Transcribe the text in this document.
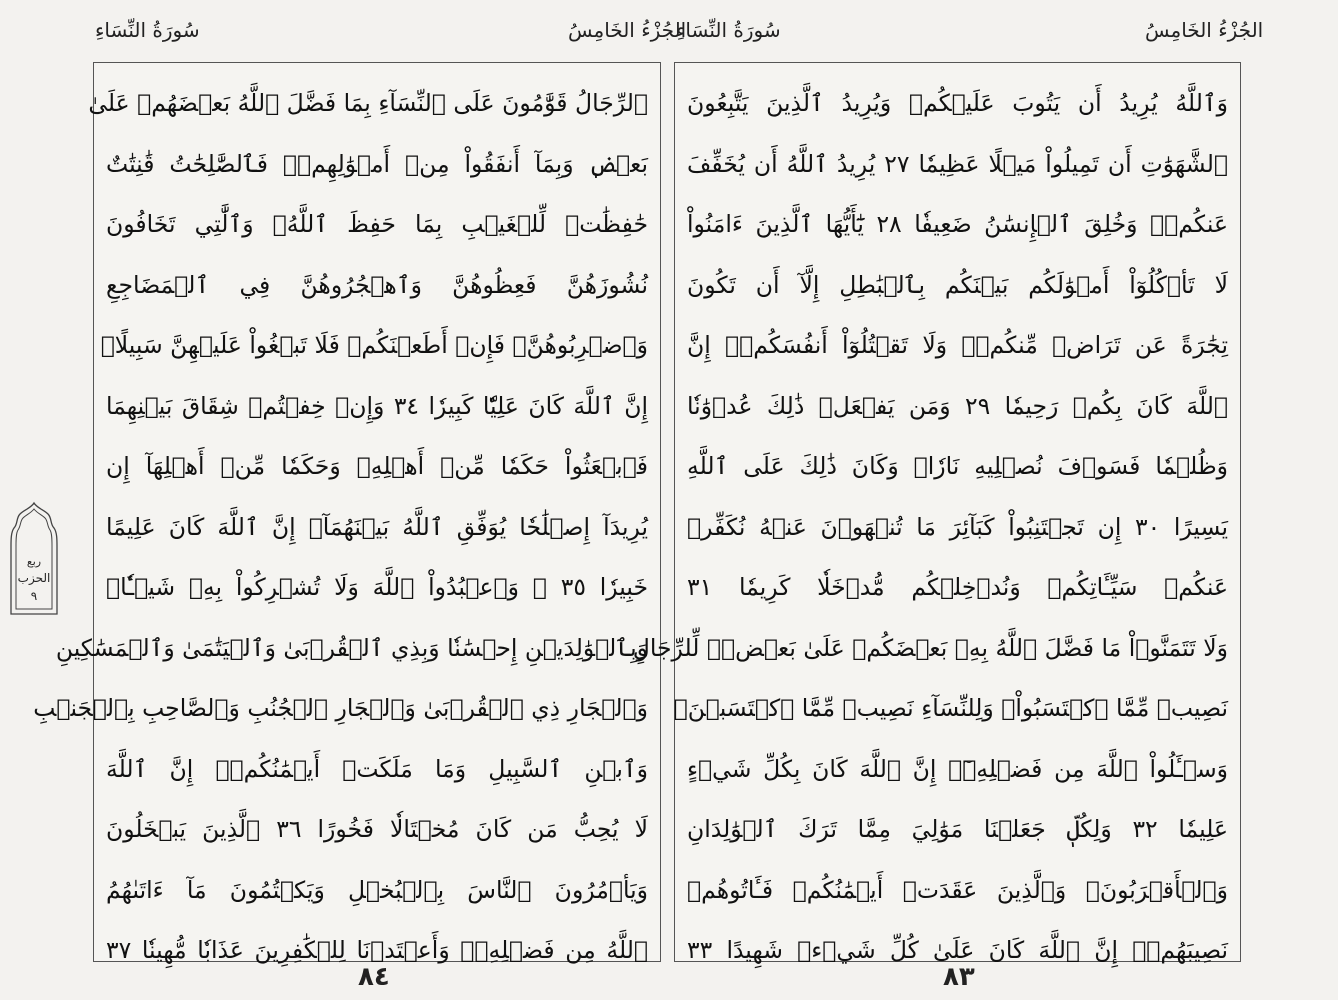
سُورَةُ النِّسَاءِ	الجُزْءُ الخَامِسُ
سُورَةُ النِّسَاءِ	الجُزْءُ الخَامِسُ
ٱلرِّجَالُ قَوَّٰمُونَ عَلَى ٱلنِّسَآءِ بِمَا فَضَّلَ ٱللَّهُ بَعۡضَهُمۡ عَلَىٰ
بَعۡضٖ وَبِمَآ أَنفَقُواْ مِنۡ أَمۡوَٰلِهِمۡۚ فَٱلصَّٰلِحَٰتُ قَٰنِتَٰتٌ
حَٰفِظَٰتٞ لِّلۡغَيۡبِ بِمَا حَفِظَ ٱللَّهُۚ وَٱلَّٰتِي تَخَافُونَ
نُشُوزَهُنَّ فَعِظُوهُنَّ وَٱهۡجُرُوهُنَّ فِي ٱلۡمَضَاجِعِ
وَٱضۡرِبُوهُنَّۖ فَإِنۡ أَطَعۡنَكُمۡ فَلَا تَبۡغُواْ عَلَيۡهِنَّ سَبِيلًاۗ
إِنَّ ٱللَّهَ كَانَ عَلِيّٗا كَبِيرٗا ٣٤ وَإِنۡ خِفۡتُمۡ شِقَاقَ بَيۡنِهِمَا
فَٱبۡعَثُواْ حَكَمٗا مِّنۡ أَهۡلِهِۦ وَحَكَمٗا مِّنۡ أَهۡلِهَآ إِن
يُرِيدَآ إِصۡلَٰحٗا يُوَفِّقِ ٱللَّهُ بَيۡنَهُمَآۗ إِنَّ ٱللَّهَ كَانَ عَلِيمًا
خَبِيرٗا ٣٥ ۞ وَٱعۡبُدُواْ ٱللَّهَ وَلَا تُشۡرِكُواْ بِهِۦ شَيۡـٔٗاۖ
وَبِٱلۡوَٰلِدَيۡنِ إِحۡسَٰنٗا وَبِذِي ٱلۡقُرۡبَىٰ وَٱلۡيَتَٰمَىٰ وَٱلۡمَسَٰكِينِ
وَٱلۡجَارِ ذِي ٱلۡقُرۡبَىٰ وَٱلۡجَارِ ٱلۡجُنُبِ وَٱلصَّاحِبِ بِٱلۡجَنۢبِ
وَٱبۡنِ ٱلسَّبِيلِ وَمَا مَلَكَتۡ أَيۡمَٰنُكُمۡۗ إِنَّ ٱللَّهَ
لَا يُحِبُّ مَن كَانَ مُخۡتَالٗا فَخُورًا ٣٦ ٱلَّذِينَ يَبۡخَلُونَ
وَيَأۡمُرُونَ ٱلنَّاسَ بِٱلۡبُخۡلِ وَيَكۡتُمُونَ مَآ ءَاتَىٰهُمُ
ٱللَّهُ مِن فَضۡلِهِۦۗ وَأَعۡتَدۡنَا لِلۡكَٰفِرِينَ عَذَابٗا مُّهِينٗا ٣٧
وَٱللَّهُ يُرِيدُ أَن يَتُوبَ عَلَيۡكُمۡ وَيُرِيدُ ٱلَّذِينَ يَتَّبِعُونَ
ٱلشَّهَوَٰتِ أَن تَمِيلُواْ مَيۡلًا عَظِيمٗا ٢٧ يُرِيدُ ٱللَّهُ أَن يُخَفِّفَ
عَنكُمۡۚ وَخُلِقَ ٱلۡإِنسَٰنُ ضَعِيفٗا ٢٨ يَٰٓأَيُّهَا ٱلَّذِينَ ءَامَنُواْ
لَا تَأۡكُلُوٓاْ أَمۡوَٰلَكُم بَيۡنَكُم بِٱلۡبَٰطِلِ إِلَّآ أَن تَكُونَ
تِجَٰرَةً عَن تَرَاضٖ مِّنكُمۡۚ وَلَا تَقۡتُلُوٓاْ أَنفُسَكُمۡۚ إِنَّ
ٱللَّهَ كَانَ بِكُمۡ رَحِيمٗا ٢٩ وَمَن يَفۡعَلۡ ذَٰلِكَ عُدۡوَٰنٗا
وَظُلۡمٗا فَسَوۡفَ نُصۡلِيهِ نَارٗاۚ وَكَانَ ذَٰلِكَ عَلَى ٱللَّهِ
يَسِيرًا ٣٠ إِن تَجۡتَنِبُواْ كَبَآئِرَ مَا تُنۡهَوۡنَ عَنۡهُ نُكَفِّرۡ
عَنكُمۡ سَيِّـَٔاتِكُمۡ وَنُدۡخِلۡكُم مُّدۡخَلٗا كَرِيمٗا ٣١
وَلَا تَتَمَنَّوۡاْ مَا فَضَّلَ ٱللَّهُ بِهِۦ بَعۡضَكُمۡ عَلَىٰ بَعۡضٖۚ لِّلرِّجَالِ
نَصِيبٞ مِّمَّا ٱكۡتَسَبُواْۖ وَلِلنِّسَآءِ نَصِيبٞ مِّمَّا ٱكۡتَسَبۡنَۚ
وَسۡـَٔلُواْ ٱللَّهَ مِن فَضۡلِهِۦٓۚ إِنَّ ٱللَّهَ كَانَ بِكُلِّ شَيۡءٍ
عَلِيمٗا ٣٢ وَلِكُلّٖ جَعَلۡنَا مَوَٰلِيَ مِمَّا تَرَكَ ٱلۡوَٰلِدَانِ
وَٱلۡأَقۡرَبُونَۚ وَٱلَّذِينَ عَقَدَتۡ أَيۡمَٰنُكُمۡ فَـَٔاتُوهُمۡ
نَصِيبَهُمۡۚ إِنَّ ٱللَّهَ كَانَ عَلَىٰ كُلِّ شَيۡءٖ شَهِيدًا ٣٣
٨٤	٨٣
ربع
الحزب
٩
